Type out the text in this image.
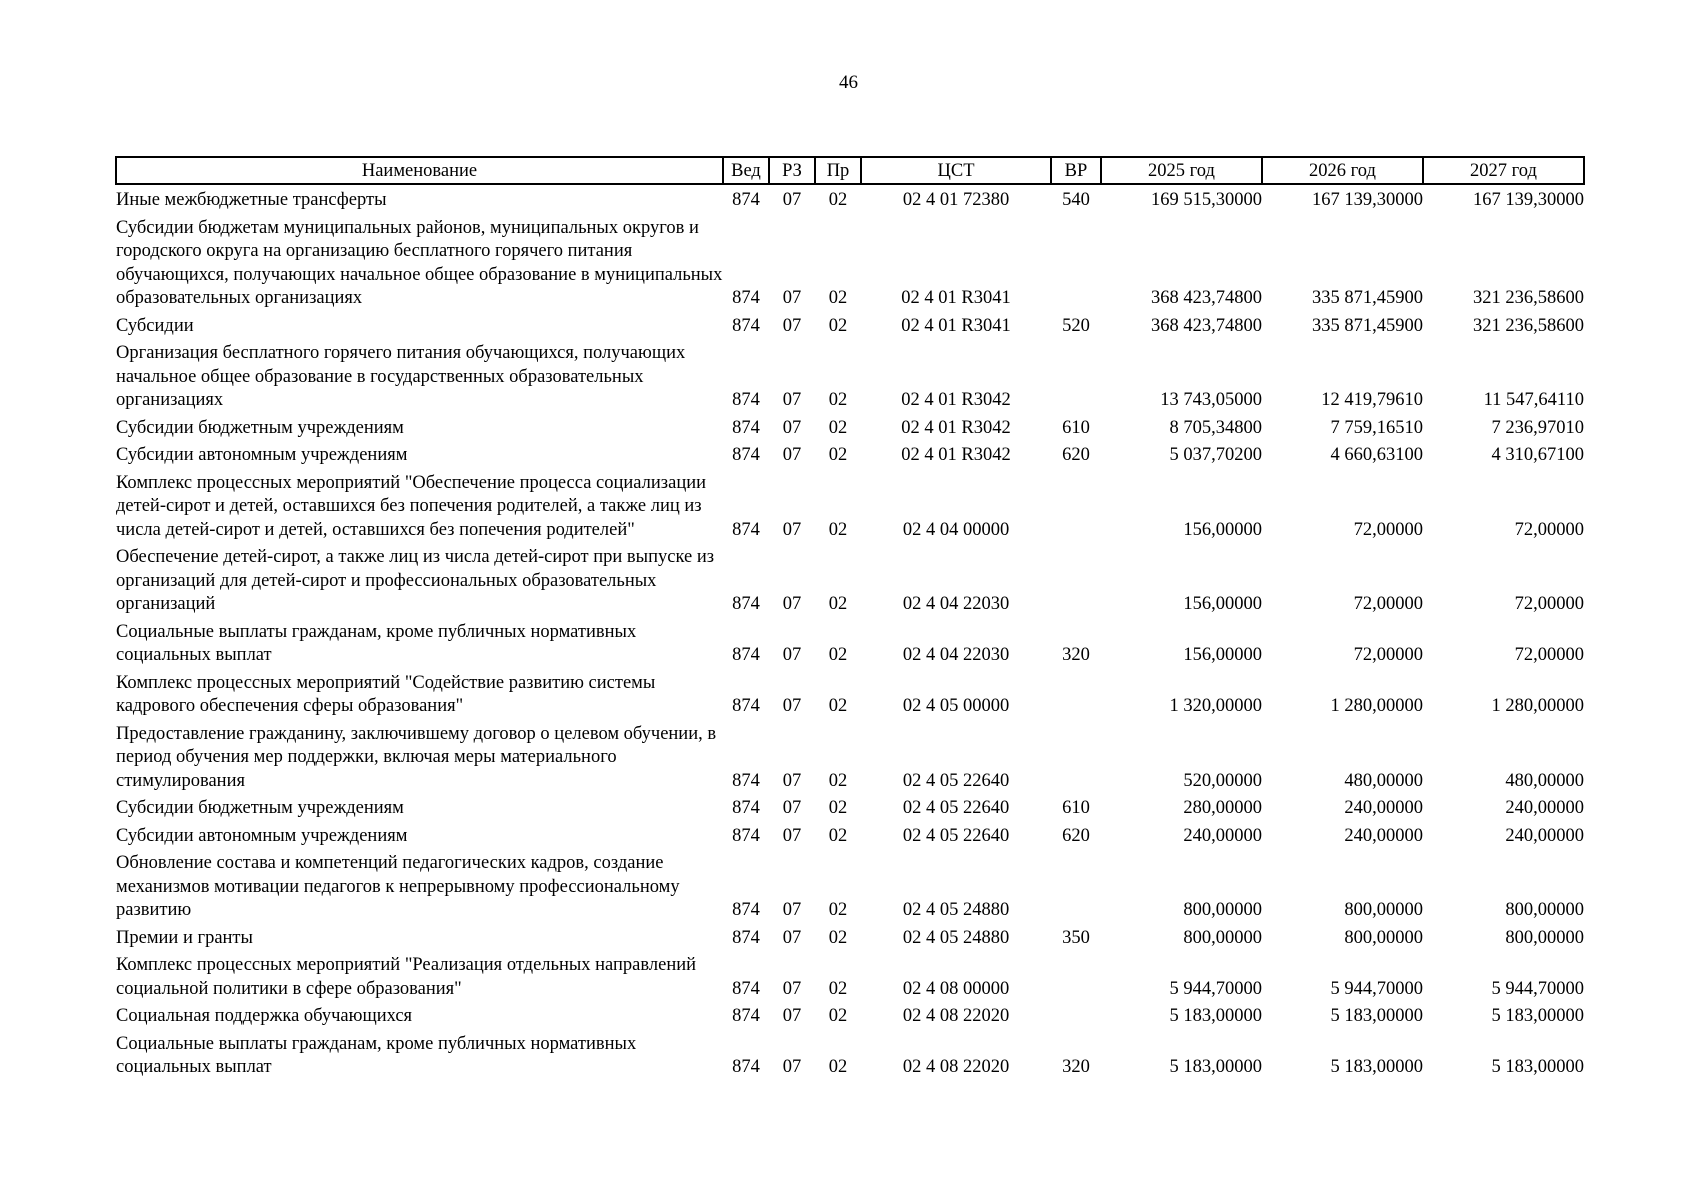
46
Наименование	Вед	РЗ	Пр	ЦСТ	ВР	2025 год	2026 год	2027 год
Иные межбюджетные трансферты	874	07	02	02 4 01 72380	540	169 515,30000	167 139,30000	167 139,30000
Субсидии бюджетам муниципальных районов, муниципальных округов и городского округа на организацию бесплатного горячего питания обучающихся, получающих начальное общее образование в муниципальных образовательных организациях	874	07	02	02 4 01 R3041		368 423,74800	335 871,45900	321 236,58600
Субсидии	874	07	02	02 4 01 R3041	520	368 423,74800	335 871,45900	321 236,58600
Организация бесплатного горячего питания обучающихся, получающих начальное общее образование в государственных образовательных организациях	874	07	02	02 4 01 R3042		13 743,05000	12 419,79610	11 547,64110
Субсидии бюджетным учреждениям	874	07	02	02 4 01 R3042	610	8 705,34800	7 759,16510	7 236,97010
Субсидии автономным учреждениям	874	07	02	02 4 01 R3042	620	5 037,70200	4 660,63100	4 310,67100
Комплекс процессных мероприятий "Обеспечение процесса социализации детей-сирот и детей, оставшихся без попечения родителей, а также лиц из числа детей-сирот и детей, оставшихся без попечения родителей"	874	07	02	02 4 04 00000		156,00000	72,00000	72,00000
Обеспечение детей-сирот, а также лиц из числа детей-сирот при выпуске из организаций для детей-сирот и профессиональных образовательных организаций	874	07	02	02 4 04 22030		156,00000	72,00000	72,00000
Социальные выплаты гражданам, кроме публичных нормативных социальных выплат	874	07	02	02 4 04 22030	320	156,00000	72,00000	72,00000
Комплекс процессных мероприятий "Содействие развитию системы кадрового обеспечения сферы образования"	874	07	02	02 4 05 00000		1 320,00000	1 280,00000	1 280,00000
Предоставление гражданину, заключившему договор о целевом обучении, в период обучения мер поддержки, включая меры материального стимулирования	874	07	02	02 4 05 22640		520,00000	480,00000	480,00000
Субсидии бюджетным учреждениям	874	07	02	02 4 05 22640	610	280,00000	240,00000	240,00000
Субсидии автономным учреждениям	874	07	02	02 4 05 22640	620	240,00000	240,00000	240,00000
Обновление состава и компетенций педагогических кадров, создание механизмов мотивации педагогов к непрерывному профессиональному развитию	874	07	02	02 4 05 24880		800,00000	800,00000	800,00000
Премии и гранты	874	07	02	02 4 05 24880	350	800,00000	800,00000	800,00000
Комплекс процессных мероприятий "Реализация отдельных направлений социальной политики в сфере образования"	874	07	02	02 4 08 00000		5 944,70000	5 944,70000	5 944,70000
Социальная поддержка обучающихся	874	07	02	02 4 08 22020		5 183,00000	5 183,00000	5 183,00000
Социальные выплаты гражданам, кроме публичных нормативных социальных выплат	874	07	02	02 4 08 22020	320	5 183,00000	5 183,00000	5 183,00000
